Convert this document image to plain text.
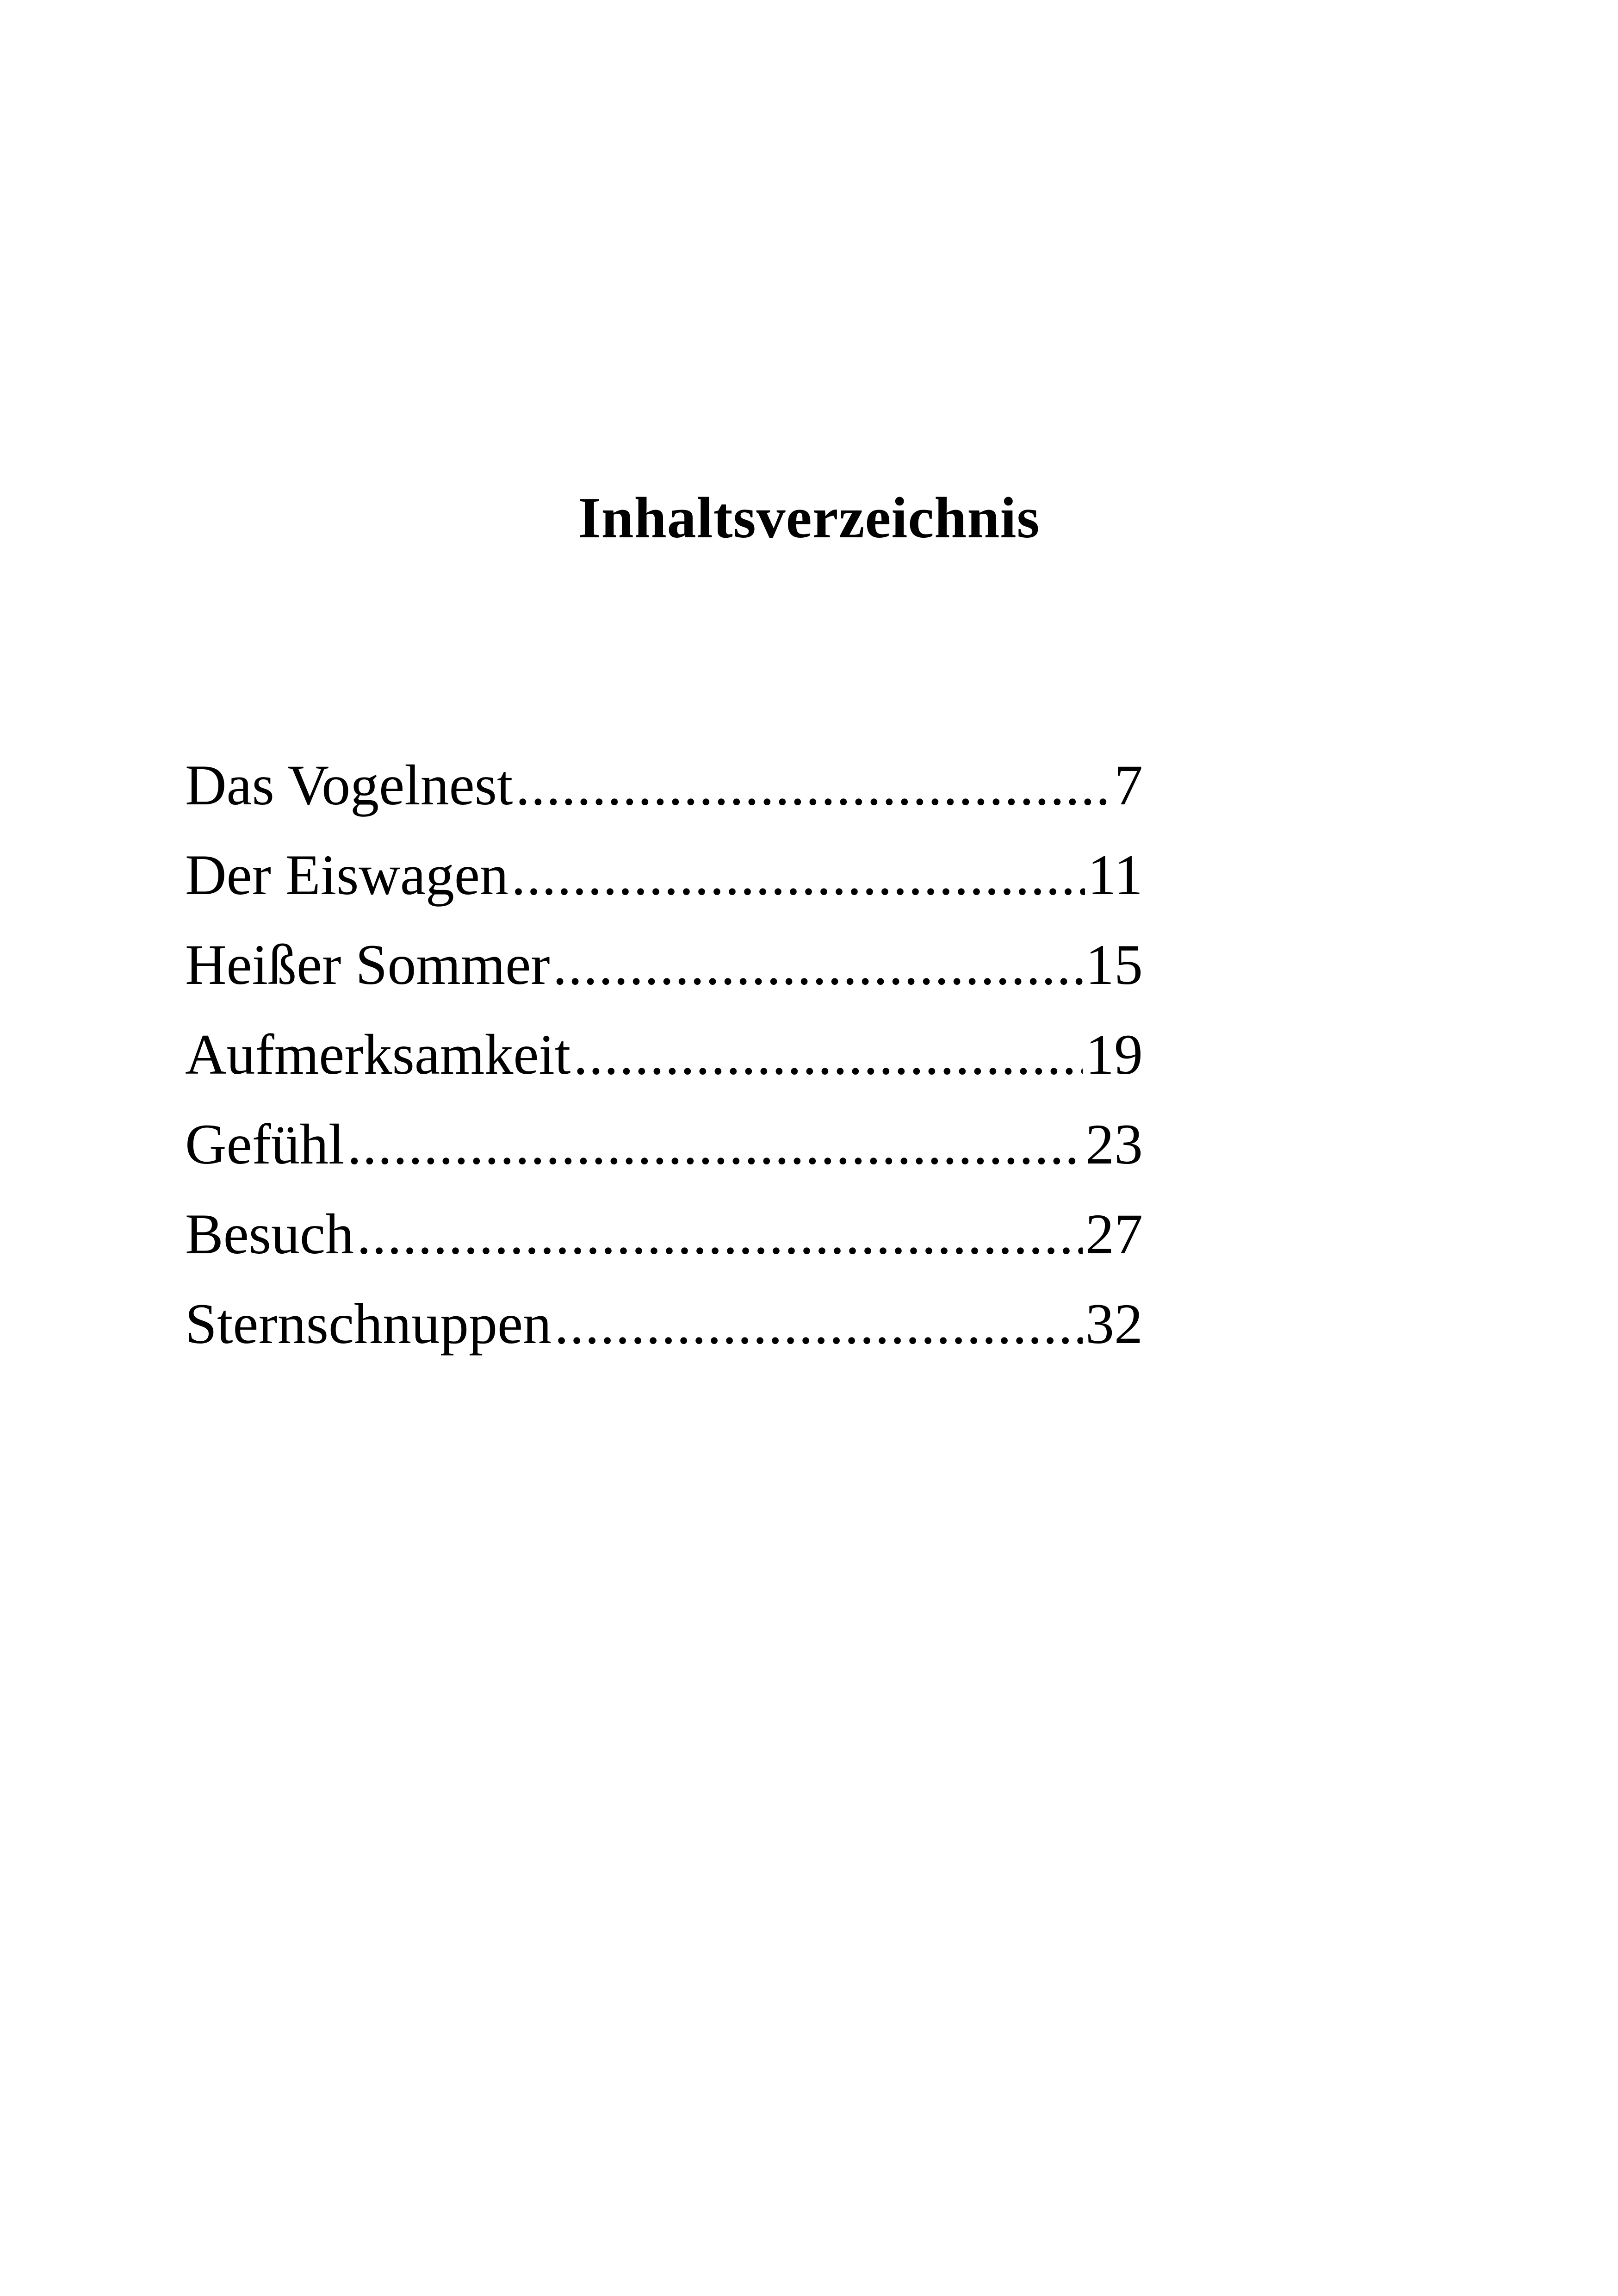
Inhaltsverzeichnis
Das Vogelnest .....	7
Der Eiswagen .....	11
Heißer Sommer .....	15
Aufmerksamkeit .....	19
Gefühl .....	23
Besuch .....	27
Sternschnuppen .....	32
